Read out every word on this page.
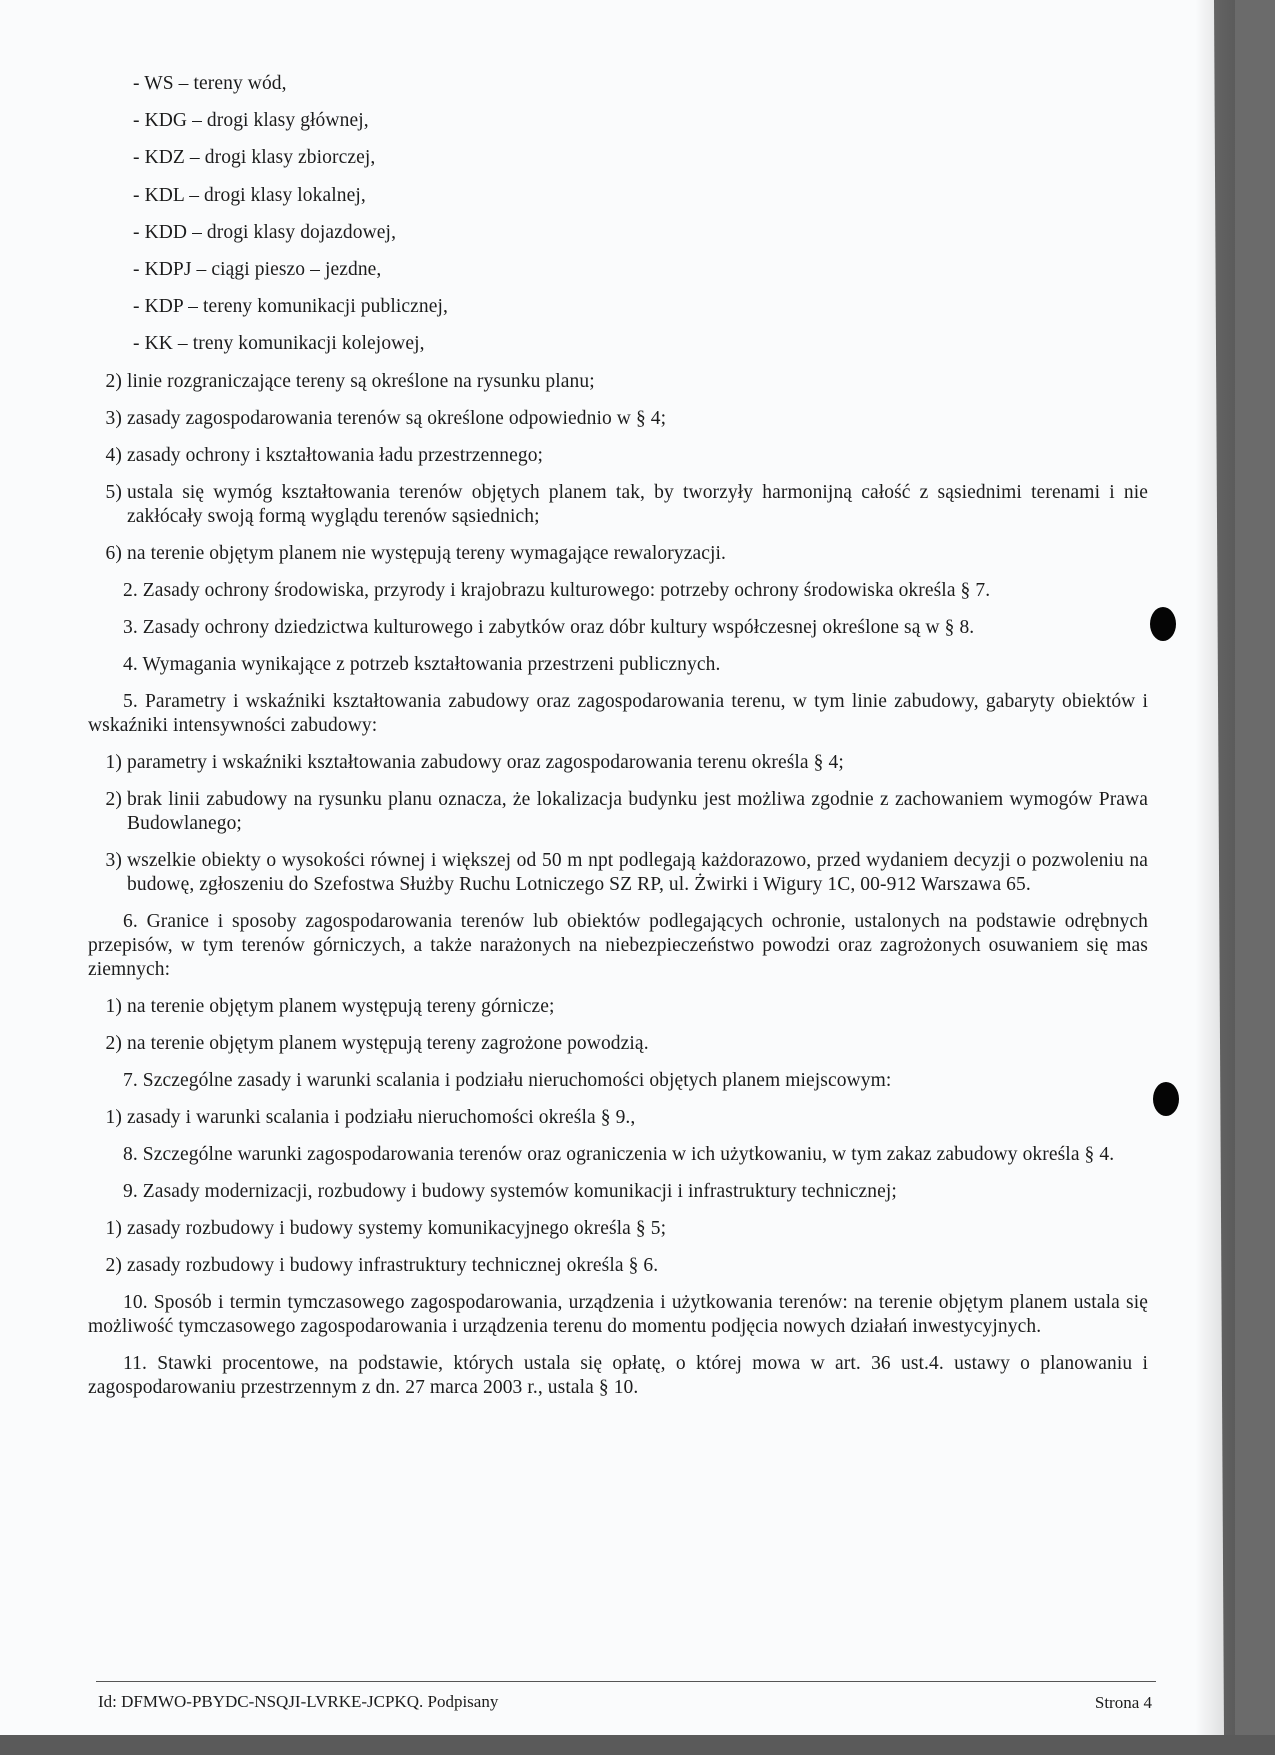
- WS – tereny wód,
- KDG – drogi klasy głównej,
- KDZ – drogi klasy zbiorczej,
- KDL – drogi klasy lokalnej,
- KDD – drogi klasy dojazdowej,
- KDPJ – ciągi pieszo – jezdne,
- KDP – tereny komunikacji publicznej,
- KK – treny komunikacji kolejowej,
2) linie rozgraniczające tereny są określone na rysunku planu;
3) zasady zagospodarowania terenów są określone odpowiednio w § 4;
4) zasady ochrony i kształtowania ładu przestrzennego;
5) ustala się wymóg kształtowania terenów objętych planem tak, by tworzyły harmonijną całość z sąsiednimi terenami i nie zakłócały swoją formą wyglądu terenów sąsiednich;
6) na terenie objętym planem nie występują tereny wymagające rewaloryzacji.
2. Zasady ochrony środowiska, przyrody i krajobrazu kulturowego: potrzeby ochrony środowiska określa § 7.
3. Zasady ochrony dziedzictwa kulturowego i zabytków oraz dóbr kultury współczesnej określone są w § 8.
4. Wymagania wynikające z potrzeb kształtowania przestrzeni publicznych.
5. Parametry i wskaźniki kształtowania zabudowy oraz zagospodarowania terenu, w tym linie zabudowy, gabaryty obiektów i wskaźniki intensywności zabudowy:
1) parametry i wskaźniki kształtowania zabudowy oraz zagospodarowania terenu określa § 4;
2) brak linii zabudowy na rysunku planu oznacza, że lokalizacja budynku jest możliwa zgodnie z zachowaniem wymogów Prawa Budowlanego;
3) wszelkie obiekty o wysokości równej i większej od 50 m npt podlegają każdorazowo, przed wydaniem decyzji o pozwoleniu na budowę, zgłoszeniu do Szefostwa Służby Ruchu Lotniczego SZ RP, ul. Żwirki i Wigury 1C, 00-912 Warszawa 65.
6. Granice i sposoby zagospodarowania terenów lub obiektów podlegających ochronie, ustalonych na podstawie odrębnych przepisów, w tym terenów górniczych, a także narażonych na niebezpieczeństwo powodzi oraz zagrożonych osuwaniem się mas ziemnych:
1) na terenie objętym planem występują tereny górnicze;
2) na terenie objętym planem występują tereny zagrożone powodzią.
7. Szczególne zasady i warunki scalania i podziału nieruchomości objętych planem miejscowym:
1) zasady i warunki scalania i podziału nieruchomości określa § 9.,
8. Szczególne warunki zagospodarowania terenów oraz ograniczenia w ich użytkowaniu, w tym zakaz zabudowy określa § 4.
9. Zasady modernizacji, rozbudowy i budowy systemów komunikacji i infrastruktury technicznej;
1) zasady rozbudowy i budowy systemy komunikacyjnego określa § 5;
2) zasady rozbudowy i budowy infrastruktury technicznej określa § 6.
10. Sposób i termin tymczasowego zagospodarowania, urządzenia i użytkowania terenów: na terenie objętym planem ustala się możliwość tymczasowego zagospodarowania i urządzenia terenu do momentu podjęcia nowych działań inwestycyjnych.
11. Stawki procentowe, na podstawie, których ustala się opłatę, o której mowa w art. 36 ust.4. ustawy o planowaniu i zagospodarowaniu przestrzennym z dn. 27 marca 2003 r., ustala § 10.
Id: DFMWO-PBYDC-NSQJI-LVRKE-JCPKQ. Podpisany	Strona 4
